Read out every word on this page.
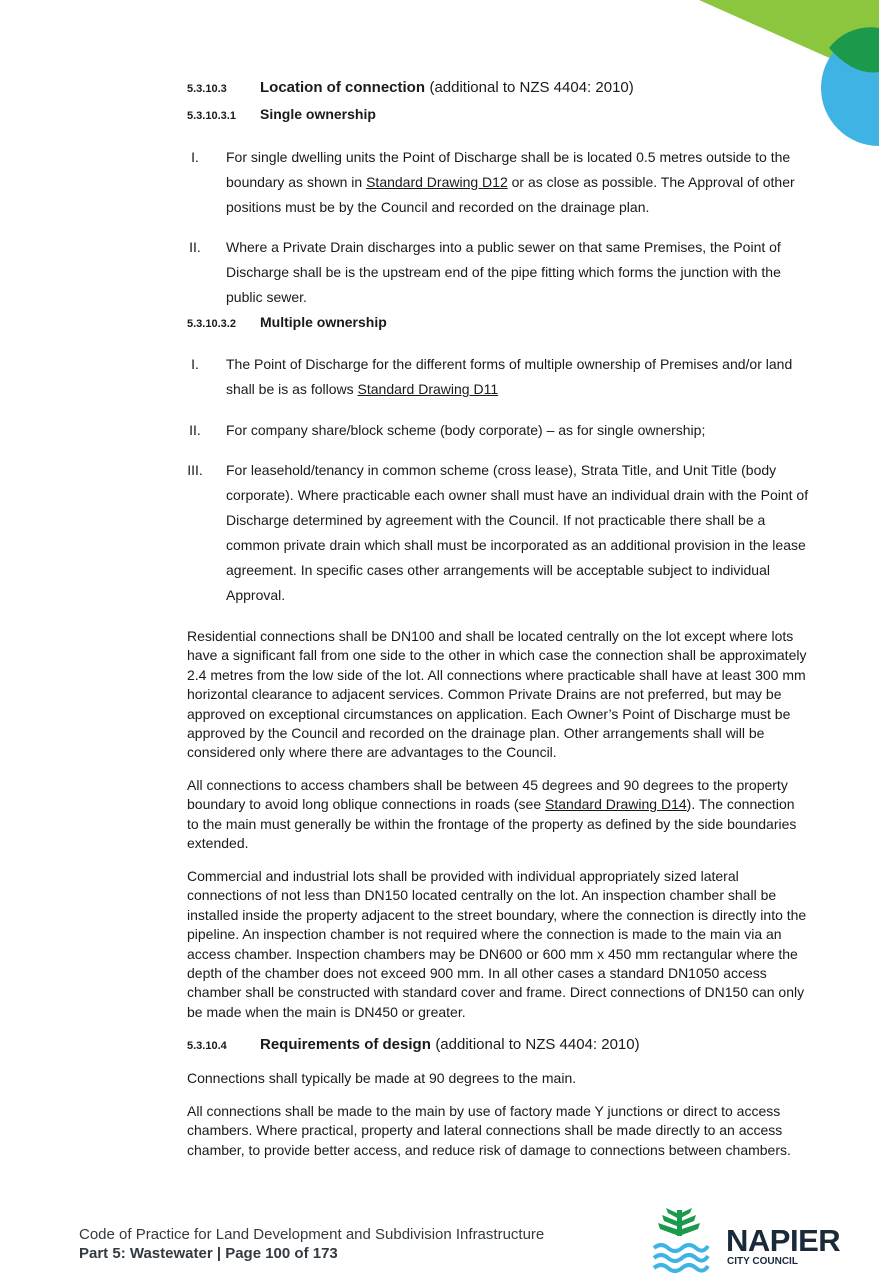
5.3.10.3 Location of connection (additional to NZS 4404: 2010)
5.3.10.3.1 Single ownership
I.	For single dwelling units the Point of Discharge shall be is located 0.5 metres outside to the boundary as shown in Standard Drawing D12 or as close as possible. The Approval of other positions must be by the Council and recorded on the drainage plan.
II.	Where a Private Drain discharges into a public sewer on that same Premises, the Point of Discharge shall be is the upstream end of the pipe fitting which forms the junction with the public sewer.
5.3.10.3.2 Multiple ownership
I.	The Point of Discharge for the different forms of multiple ownership of Premises and/or land shall be is as follows Standard Drawing D11
II.	For company share/block scheme (body corporate) – as for single ownership;
III.	For leasehold/tenancy in common scheme (cross lease), Strata Title, and Unit Title (body corporate). Where practicable each owner shall must have an individual drain with the Point of Discharge determined by agreement with the Council. If not practicable there shall be a common private drain which shall must be incorporated as an additional provision in the lease agreement. In specific cases other arrangements will be acceptable subject to individual Approval.
Residential connections shall be DN100 and shall be located centrally on the lot except where lots have a significant fall from one side to the other in which case the connection shall be approximately 2.4 metres from the low side of the lot. All connections where practicable shall have at least 300 mm horizontal clearance to adjacent services. Common Private Drains are not preferred, but may be approved on exceptional circumstances on application. Each Owner’s Point of Discharge must be approved by the Council and recorded on the drainage plan. Other arrangements shall will be considered only where there are advantages to the Council.
All connections to access chambers shall be between 45 degrees and 90 degrees to the property boundary to avoid long oblique connections in roads (see Standard Drawing D14). The connection to the main must generally be within the frontage of the property as defined by the side boundaries extended.
Commercial and industrial lots shall be provided with individual appropriately sized lateral connections of not less than DN150 located centrally on the lot. An inspection chamber shall be installed inside the property adjacent to the street boundary, where the connection is directly into the pipeline. An inspection chamber is not required where the connection is made to the main via an access chamber. Inspection chambers may be DN600 or 600 mm x 450 mm rectangular where the depth of the chamber does not exceed 900 mm. In all other cases a standard DN1050 access chamber shall be constructed with standard cover and frame. Direct connections of DN150 can only be made when the main is DN450 or greater.
5.3.10.4 Requirements of design (additional to NZS 4404: 2010)
Connections shall typically be made at 90 degrees to the main.
All connections shall be made to the main by use of factory made Y junctions or direct to access chambers. Where practical, property and lateral connections shall be made directly to an access chamber, to provide better access, and reduce risk of damage to connections between chambers.
Code of Practice for Land Development and Subdivision Infrastructure
Part 5: Wastewater | Page 100 of 173	NAPIER
CITY COUNCIL
